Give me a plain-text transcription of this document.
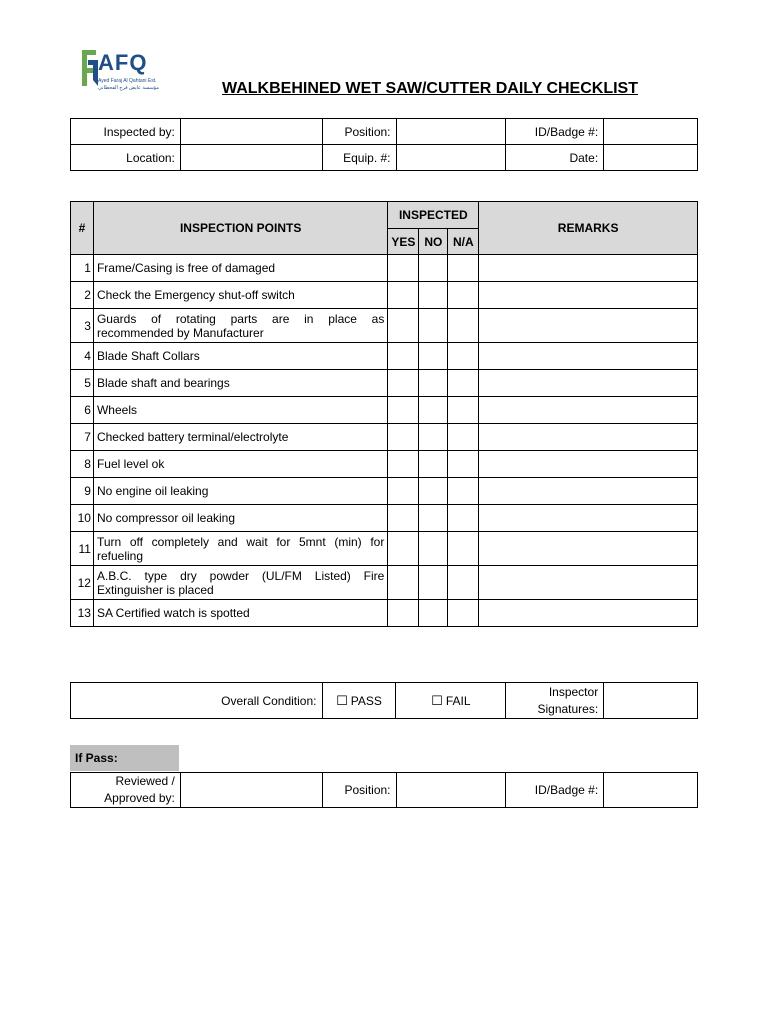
AFQ
Ayed Faraj Al Qahtani Est.
مؤسسة عايض فرج القحطاني	WALKBEHINED WET SAW/CUTTER DAILY CHECKLIST
Inspected by:		Position:		ID/Badge #:	
Location:		Equip. #:		Date:	
#	INSPECTION POINTS	INSPECTED			REMARKS
		YES	NO	N/A	
1	Frame/Casing is free of damaged				
2	Check the Emergency shut-off switch				
3	Guards of rotating parts are in place as recommended by Manufacturer				
4	Blade Shaft Collars				
5	Blade shaft and bearings				
6	Wheels				
7	Checked battery terminal/electrolyte				
8	Fuel level ok				
9	No engine oil leaking				
10	No compressor oil leaking				
11	Turn off completely and wait for 5mnt (min) for refueling				
12	A.B.C. type dry powder (UL/FM Listed) Fire Extinguisher is placed				
13	SA Certified watch is spotted				
Overall Condition:	☐ PASS	☐ FAIL	Inspector Signatures:	
If Pass:
Reviewed / Approved by:		Position:		ID/Badge #:	
